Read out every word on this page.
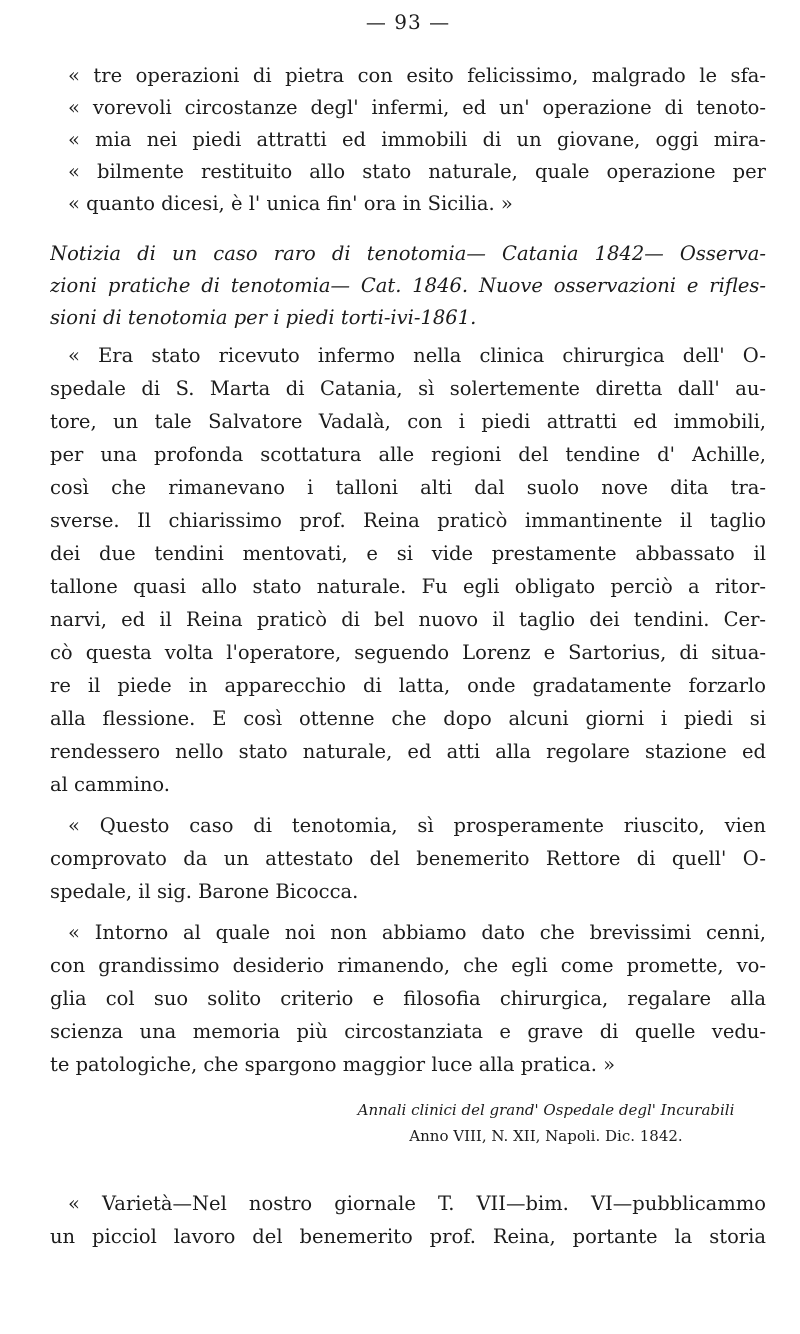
— 93 —
« tre operazioni di pietra con esito felicissimo, malgrado le sfa-
« vorevoli circostanze degl' infermi, ed un' operazione di tenoto-
« mia nei piedi attratti ed immobili di un giovane, oggi mira-
« bilmente restituito allo stato naturale, quale operazione per
« quanto dicesi, è l' unica fin' ora in Sicilia. »
Notizia di un caso raro di tenotomia— Catania 1842— Osserva-
zioni pratiche di tenotomia— Cat. 1846. Nuove osservazioni e rifles-
sioni di tenotomia per i piedi torti-ivi-1861.
« Era stato ricevuto infermo nella clinica chirurgica dell' O-
spedale di S. Marta di Catania, sì solertemente diretta dall' au-
tore, un tale Salvatore Vadalà, con i piedi attratti ed immobili,
per una profonda scottatura alle regioni del tendine d' Achille,
così che rimanevano i talloni alti dal suolo nove dita tra-
sverse. Il chiarissimo prof. Reina praticò immantinente il taglio
dei due tendini mentovati, e si vide prestamente abbassato il
tallone quasi allo stato naturale. Fu egli obligato perciò a ritor-
narvi, ed il Reina praticò di bel nuovo il taglio dei tendini. Cer-
cò questa volta l'operatore, seguendo Lorenz e Sartorius, di situa-
re il piede in apparecchio di latta, onde gradatamente forzarlo
alla flessione. E così ottenne che dopo alcuni giorni i piedi si
rendessero nello stato naturale, ed atti alla regolare stazione ed
al cammino.
« Questo caso di tenotomia, sì prosperamente riuscito, vien
comprovato da un attestato del benemerito Rettore di quell' O-
spedale, il sig. Barone Bicocca.
« Intorno al quale noi non abbiamo dato che brevissimi cenni,
con grandissimo desiderio rimanendo, che egli come promette, vo-
glia col suo solito criterio e filosofia chirurgica, regalare alla
scienza una memoria più circostanziata e grave di quelle vedu-
te patologiche, che spargono maggior luce alla pratica. »
Annali clinici del grand' Ospedale degl' Incurabili
Anno VIII, N. XII, Napoli. Dic. 1842.
« Varietà—Nel nostro giornale T. VII—bim. VI—pubblicammo
un picciol lavoro del benemerito prof. Reina, portante la storia
